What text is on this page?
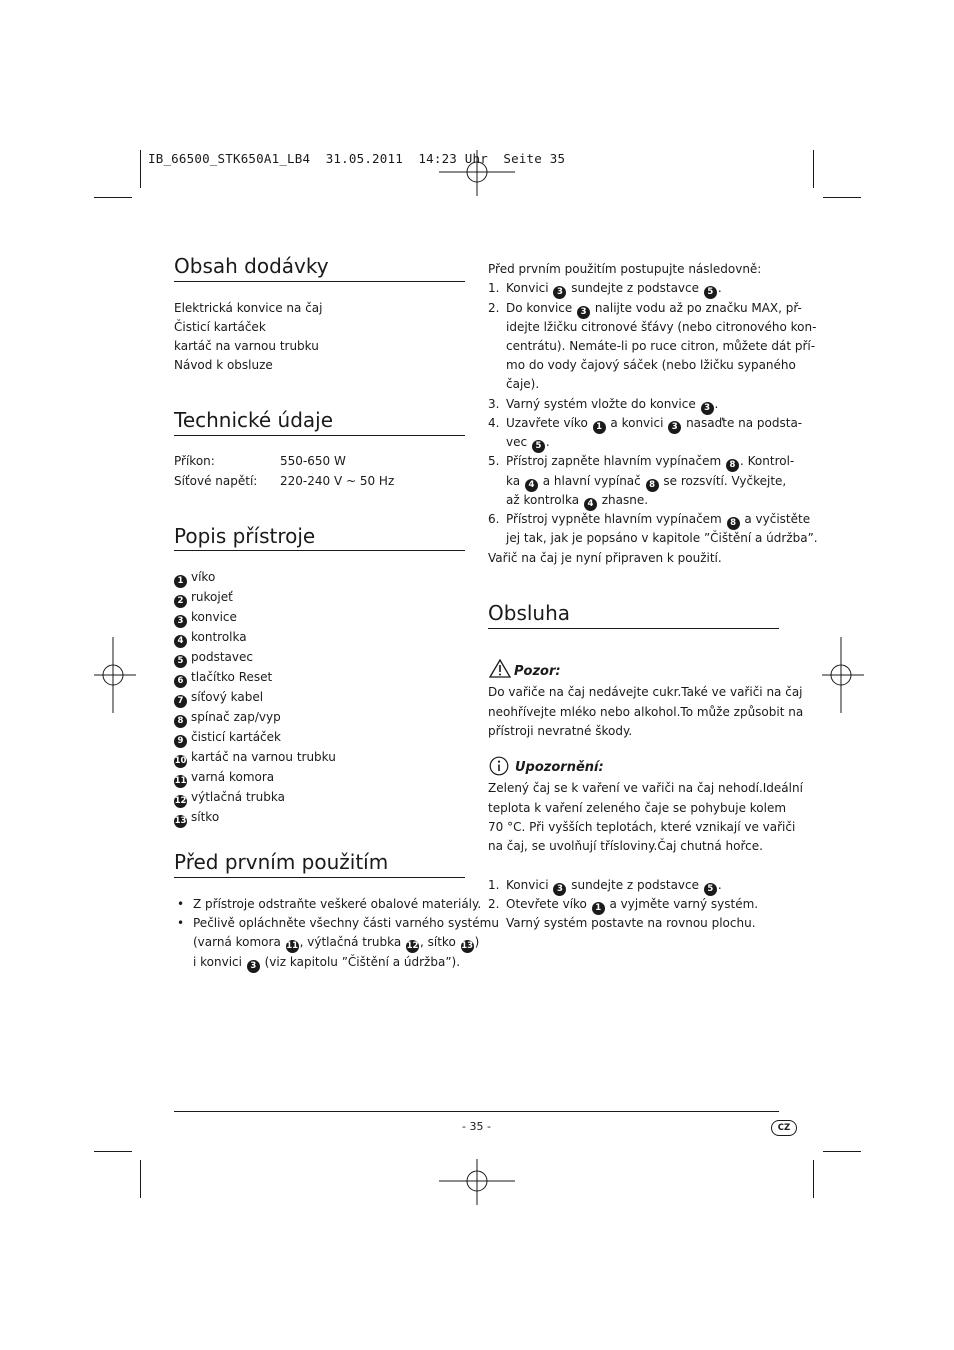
IB_66500_STK650A1_LB4  31.05.2011  14:23 Uhr  Seite 35
Obsah dodávky
Elektrická konvice na čaj
Čisticí kartáček
kartáč na varnou trubku
Návod k obsluze
Technické údaje
Příkon:	550-650 W
Síťové napětí: 220-240 V ~ 50 Hz
Popis přístroje
1 víko
2 rukojeť
3 konvice
4 kontrolka
5 podstavec
6 tlačítko Reset
7 síťový kabel
8 spínač zap/vyp
9 čisticí kartáček
10 kartáč na varnou trubku
11 varná komora
12 výtlačná trubka
13 sítko
Před prvním použitím
• Z přístroje odstraňte veškeré obalové materiály.
• Pečlivě opláchněte všechny části varného systému
(varná komora 11 , výtlačná trubka 12 , sítko 13 )
i konvici 3 (viz kapitolu ”Čištění a údržba”).
Před prvním použitím postupujte následovně:
1. Konvici 3 sundejte z podstavce 5 .
2. Do konvice 3 nalijte vodu až po značku MAX, př-
idejte lžičku citronové šťávy (nebo citronového kon-
centrátu). Nemáte-li po ruce citron, můžete dát pří-
mo do vody čajový sáček (nebo lžičku sypaného
čaje).
3. Varný systém vložte do konvice 3 .
4. Uzavřete víko 1 a konvici 3 nasaďte na podsta-
vec 5 .
5. Přístroj zapněte hlavním vypínačem 8 . Kontrol-
ka 4 a hlavní vypínač 8 se rozsvítí. Vyčkejte,
až kontrolka 4 zhasne.
6. Přístroj vypněte hlavním vypínačem 8 a vyčistěte
jej tak, jak je popsáno v kapitole ”Čištění a údržba”.
Vařič na čaj je nyní připraven k použití.
Obsluha
Pozor:
Do vařiče na čaj nedávejte cukr.Také ve vařiči na čaj
neohřívejte mléko nebo alkohol.To může způsobit na
přístroji nevratné škody.
Upozornění:
Zelený čaj se k vaření ve vařiči na čaj nehodí.Ideální
teplota k vaření zeleného čaje se pohybuje kolem
70 °C. Při vyšších teplotách, které vznikají ve vařiči
na čaj, se uvolňují třísloviny.Čaj chutná hořce.
1. Konvici 3 sundejte z podstavce 5 .
2. Otevřete víko 1 a vyjměte varný systém.
Varný systém postavte na rovnou plochu.
- 35 -	CZ
